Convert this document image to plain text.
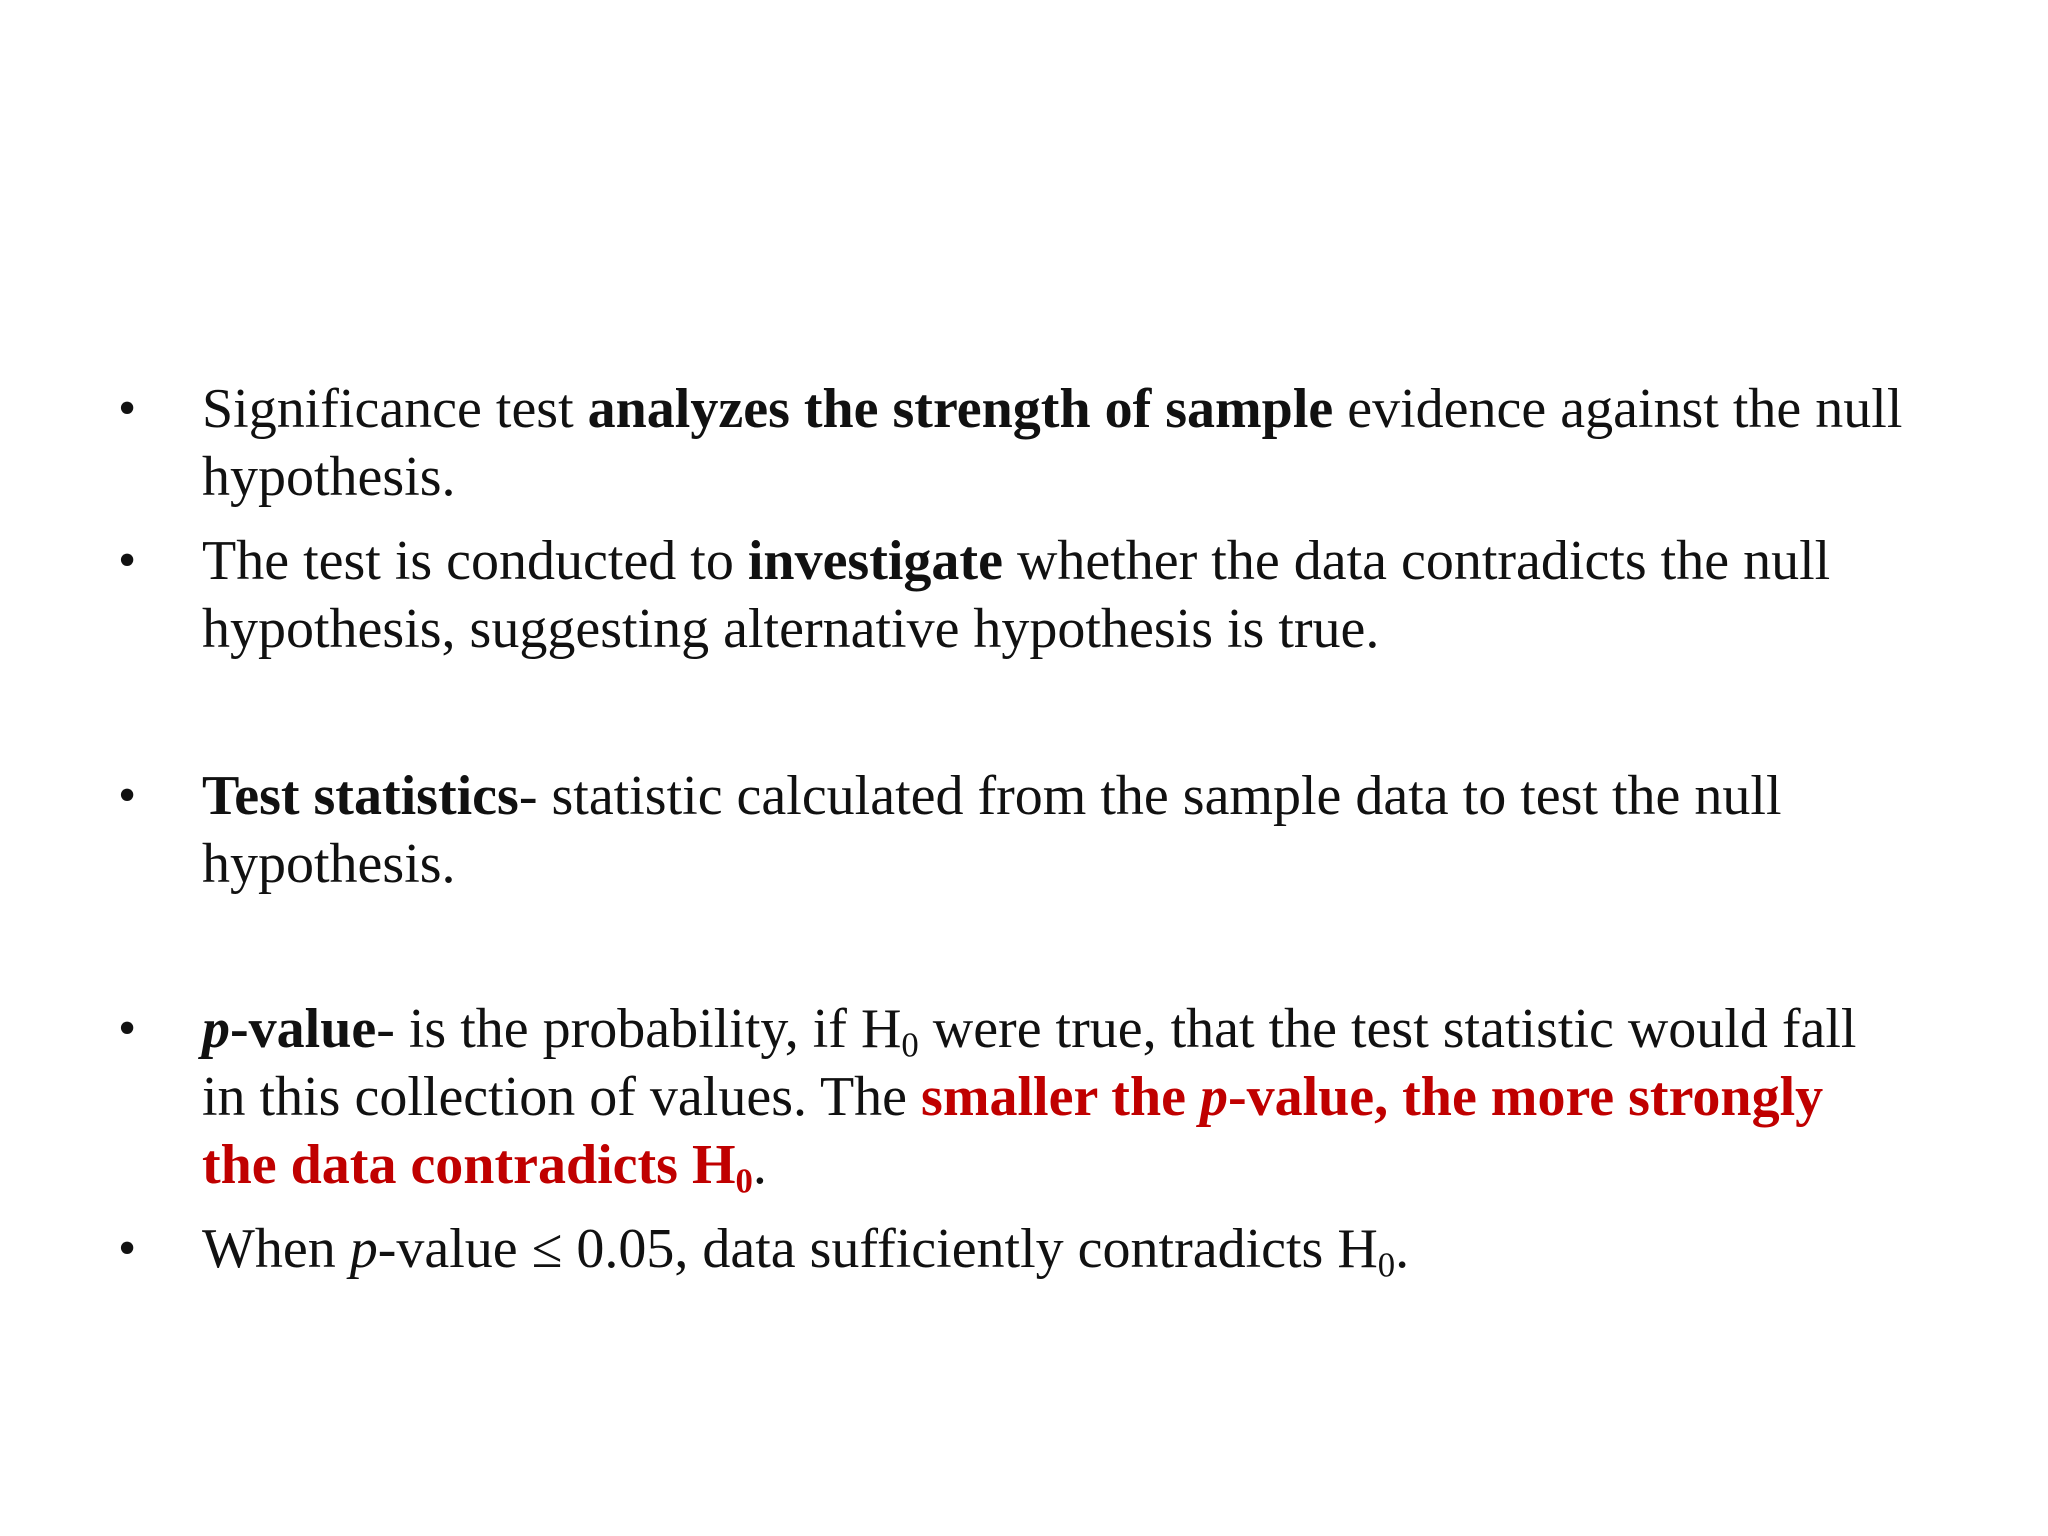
• Significance test analyzes the strength of sample evidence against the null
hypothesis.
• The test is conducted to investigate whether the data contradicts the null
hypothesis, suggesting alternative hypothesis is true.
• Test statistics- statistic calculated from the sample data to test the null
hypothesis.
• p-value- is the probability, if $H_0$ were true, that the test statistic would fall
in this collection of values. The smaller the p-value, the more strongly
the data contradicts $H_0$.
• When p-value ≤ 0.05, data sufficiently contradicts $H_0$.
